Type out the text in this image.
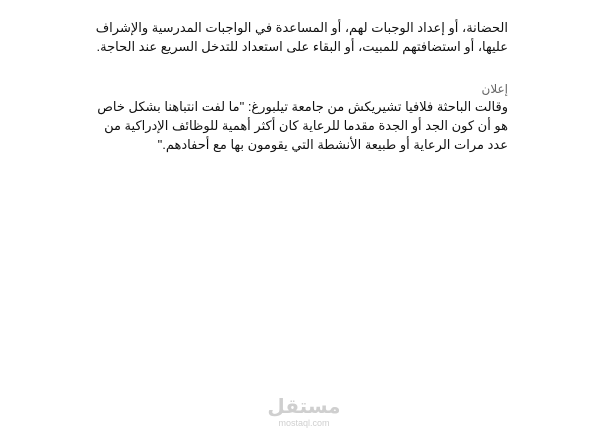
الحضانة، أو إعداد الوجبات لهم، أو المساعدة في الواجبات المدرسية والإشراف
عليها، أو استضافتهم للمبيت، أو البقاء على استعداد للتدخل السريع عند الحاجة.

إعلان

وقالت الباحثة فلافيا تشيريكش من جامعة تيلبورغ: "ما لفت انتباهنا بشكل خاص
هو أن كون الجد أو الجدة مقدما للرعاية كان أكثر أهمية للوظائف الإدراكية من
عدد مرات الرعاية أو طبيعة الأنشطة التي يقومون بها مع أحفادهم."

مستقل
mostaql.com
